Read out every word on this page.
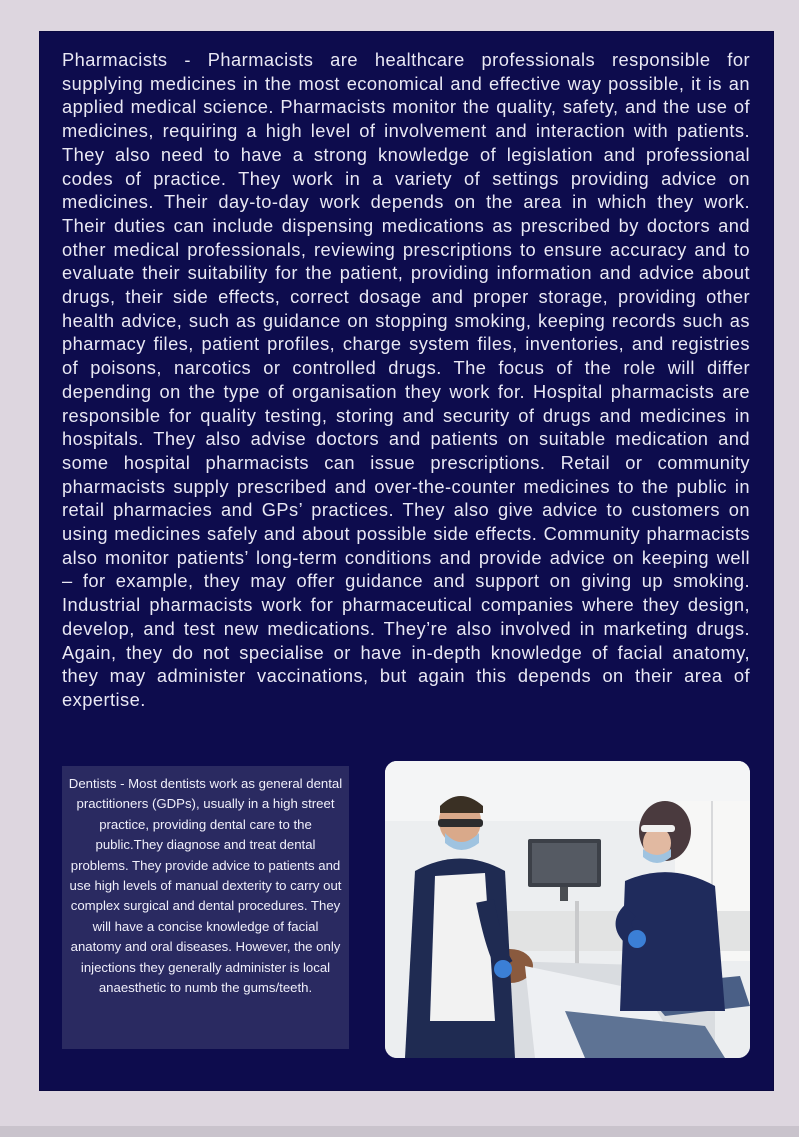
Pharmacists - Pharmacists are healthcare professionals responsible for supplying medicines in the most economical and effective way possible, it is an applied medical science. Pharmacists monitor the quality, safety, and the use of medicines, requiring a high level of involvement and interaction with patients. They also need to have a strong knowledge of legislation and professional codes of practice. They work in a variety of settings providing advice on medicines. Their day-to-day work depends on the area in which they work. Their duties can include dispensing medications as prescribed by doctors and other medical professionals, reviewing prescriptions to ensure accuracy and to evaluate their suitability for the patient, providing information and advice about drugs, their side effects, correct dosage and proper storage, providing other health advice, such as guidance on stopping smoking, keeping records such as pharmacy files, patient profiles, charge system files, inventories, and registries of poisons, narcotics or controlled drugs. The focus of the role will differ depending on the type of organisation they work for. Hospital pharmacists are responsible for quality testing, storing and security of drugs and medicines in hospitals. They also advise doctors and patients on suitable medication and some hospital pharmacists can issue prescriptions. Retail or community pharmacists supply prescribed and over-the-counter medicines to the public in retail pharmacies and GPs’ practices. They also give advice to customers on using medicines safely and about possible side effects. Community pharmacists also monitor patients’ long-term conditions and provide advice on keeping well – for example, they may offer guidance and support on giving up smoking. Industrial pharmacists work for pharmaceutical companies where they design, develop, and test new medications. They’re also involved in marketing drugs. Again, they do not specialise or have in-depth knowledge of facial anatomy, they may administer vaccinations, but again this depends on their area of expertise.

Dentists - Most dentists work as general dental practitioners (GDPs), usually in a high street practice, providing dental care to the public.They diagnose and treat dental problems. They provide advice to patients and use high levels of manual dexterity to carry out complex surgical and dental procedures. They will have a concise knowledge of facial anatomy and oral diseases. However, the only injections they generally administer is local anaesthetic to numb the gums/teeth.
